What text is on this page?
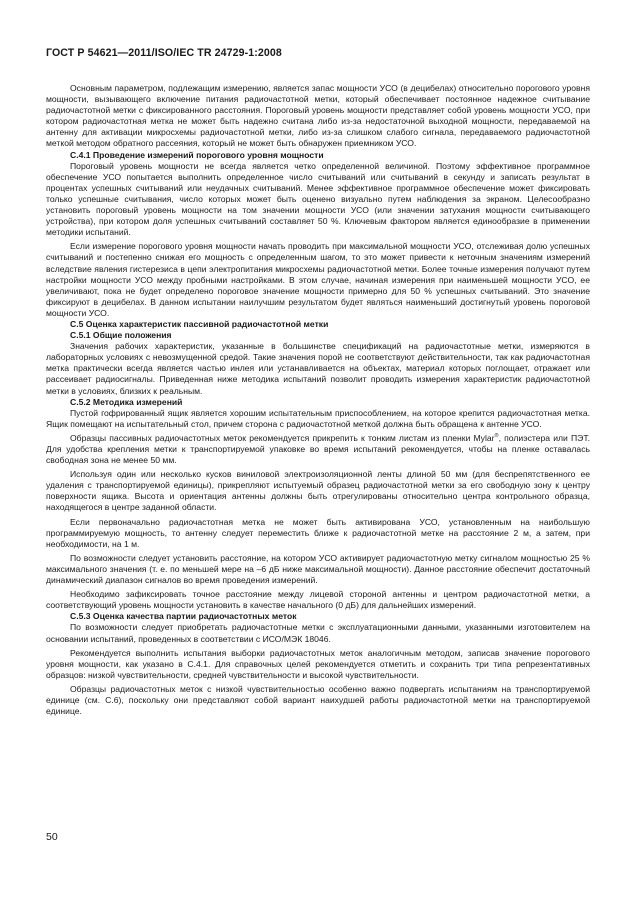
ГОСТ Р 54621—2011/ISO/IEC TR 24729-1:2008

Основным параметром, подлежащим измерению, является запас мощности УСО (в децибелах) относительно порогового уровня мощности, вызывающего включение питания радиочастотной метки, который обеспечивает постоянное надежное считывание радиочастотной метки с фиксированного расстояния. Пороговый уровень мощности представляет собой уровень мощности УСО, при котором радиочастотная метка не может быть надежно считана либо из-за недостаточной выходной мощности, передаваемой на антенну для активации микросхемы радиочастотной метки, либо из-за слишком слабого сигнала, передаваемого радиочастотной меткой методом обратного рассеяния, который не может быть обнаружен приемником УСО.

С.4.1 Проведение измерений порогового уровня мощности

Пороговый уровень мощности не всегда является четко определенной величиной. Поэтому эффективное программное обеспечение УСО попытается выполнить определенное число считываний или считываний в секунду и записать результат в процентах успешных считываний или неудачных считываний. Менее эффективное программное обеспечение может фиксировать только успешные считывания, число которых может быть оценено визуально путем наблюдения за экраном. Целесообразно установить пороговый уровень мощности на том значении мощности УСО (или значении затухания мощности считывающего устройства), при котором доля успешных считываний составляет 50 %. Ключевым фактором является единообразие в применении методики испытаний.

Если измерение порогового уровня мощности начать проводить при максимальной мощности УСО, отслеживая долю успешных считываний и постепенно снижая его мощность с определенным шагом, то это может привести к неточным значениям измерений вследствие явления гистерезиса в цепи электропитания микросхемы радиочастотной метки. Более точные измерения получают путем настройки мощности УСО между пробными настройками. В этом случае, начиная измерения при наименьшей мощности УСО, ее увеличивают, пока не будет определено пороговое значение мощности примерно для 50 % успешных считываний. Это значение фиксируют в децибелах. В данном испытании наилучшим результатом будет являться наименьший достигнутый уровень пороговой мощности УСО.

С.5 Оценка характеристик пассивной радиочастотной метки
С.5.1 Общие положения

Значения рабочих характеристик, указанные в большинстве спецификаций на радиочастотные метки, измеряются в лабораторных условиях с невозмущенной средой. Такие значения порой не соответствуют действительности, так как радиочастотная метка практически всегда является частью инлея или устанавливается на объектах, материал которых поглощает, отражает или рассеивает радиосигналы. Приведенная ниже методика испытаний позволит проводить измерения характеристик радиочастотной метки в условиях, близких к реальным.

С.5.2 Методика измерений

Пустой гофрированный ящик является хорошим испытательным приспособлением, на которое крепится радиочастотная метка. Ящик помещают на испытательный стол, причем сторона с радиочастотной меткой должна быть обращена к антенне УСО.

Образцы пассивных радиочастотных меток рекомендуется прикрепить к тонким листам из пленки Mylar®, полиэстера или ПЭТ. Для удобства крепления метки к транспортируемой упаковке во время испытаний рекомендуется, чтобы на пленке оставалась свободная зона не менее 50 мм.

Используя один или несколько кусков виниловой электроизоляционной ленты длиной 50 мм (для беспрепятственного ее удаления с транспортируемой единицы), прикрепляют испытуемый образец радиочастотной метки за его свободную зону к центру поверхности ящика. Высота и ориентация антенны должны быть отрегулированы относительно центра контрольного образца, находящегося в центре заданной области.

Если первоначально радиочастотная метка не может быть активирована УСО, установленным на наибольшую программируемую мощность, то антенну следует переместить ближе к радиочастотной метке на расстояние 2 м, а затем, при необходимости, на 1 м.

По возможности следует установить расстояние, на котором УСО активирует радиочастотную метку сигналом мощностью 25 % максимального значения (т. е. по меньшей мере на –6 дБ ниже максимальной мощности). Данное расстояние обеспечит достаточный динамический диапазон сигналов во время проведения измерений.

Необходимо зафиксировать точное расстояние между лицевой стороной антенны и центром радиочастотной метки, а соответствующий уровень мощности установить в качестве начального (0 дБ) для дальнейших измерений.

С.5.3 Оценка качества партии радиочастотных меток

По возможности следует приобретать радиочастотные метки с эксплуатационными данными, указанными изготовителем на основании испытаний, проведенных в соответствии с ИСО/МЭК 18046.

Рекомендуется выполнить испытания выборки радиочастотных меток аналогичным методом, записав значение порогового уровня мощности, как указано в С.4.1. Для справочных целей рекомендуется отметить и сохранить три типа репрезентативных образцов: низкой чувствительности, средней чувствительности и высокой чувствительности.

Образцы радиочастотных меток с низкой чувствительностью особенно важно подвергать испытаниям на транспортируемой единице (см. С.6), поскольку они представляют собой вариант наихудшей работы радиочастотной метки на транспортируемой единице.

50
